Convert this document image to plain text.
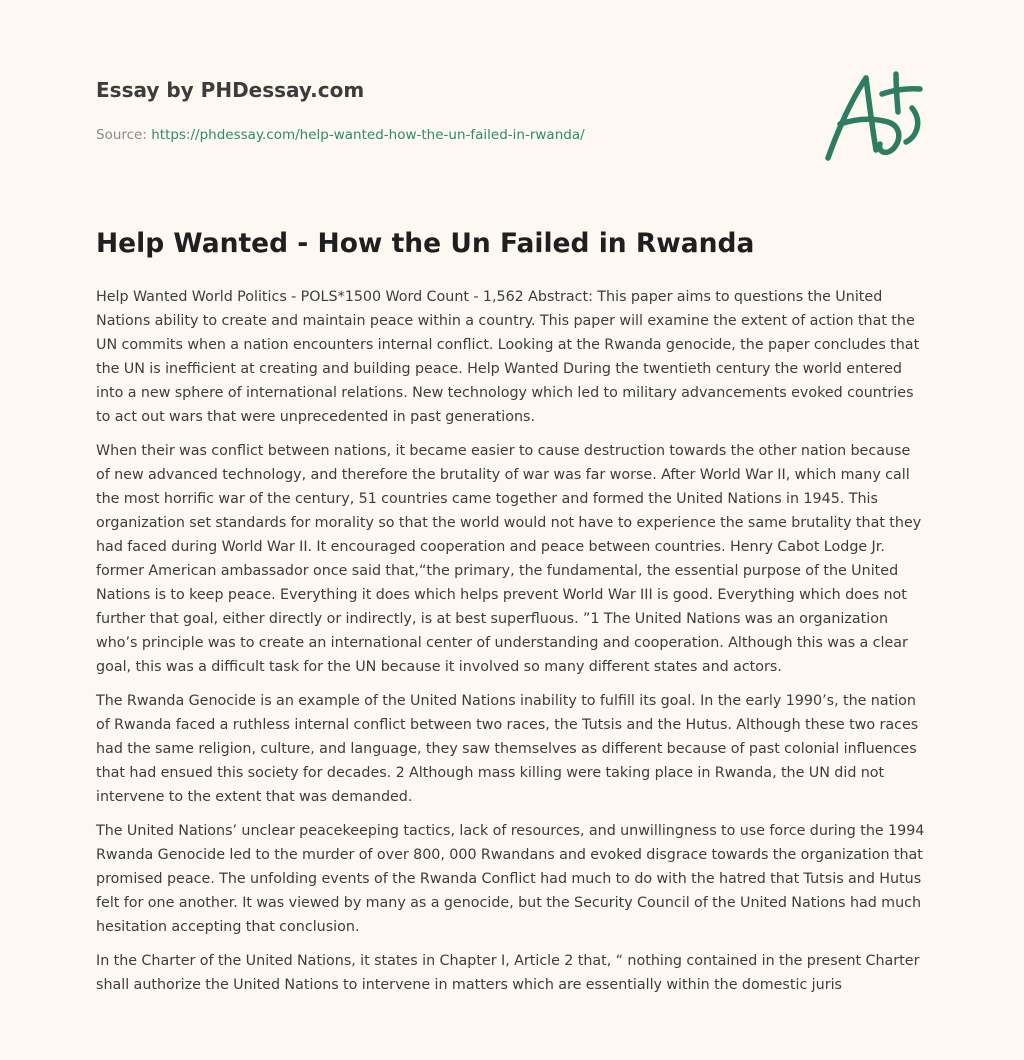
Essay by PHDessay.com
Source: https://phdessay.com/help-wanted-how-the-un-failed-in-rwanda/
Help Wanted - How the Un Failed in Rwanda

Help Wanted World Politics - POLS*1500 Word Count - 1,562 Abstract: This paper aims to questions the United Nations ability to create and maintain peace within a country. This paper will examine the extent of action that the UN commits when a nation encounters internal conflict. Looking at the Rwanda genocide, the paper concludes that the UN is inefficient at creating and building peace. Help Wanted During the twentieth century the world entered into a new sphere of international relations. New technology which led to military advancements evoked countries to act out wars that were unprecedented in past generations.

When their was conflict between nations, it became easier to cause destruction towards the other nation because of new advanced technology, and therefore the brutality of war was far worse. After World War II, which many call the most horrific war of the century, 51 countries came together and formed the United Nations in 1945. This organization set standards for morality so that the world would not have to experience the same brutality that they had faced during World War II. It encouraged cooperation and peace between countries. Henry Cabot Lodge Jr. former American ambassador once said that,“the primary, the fundamental, the essential purpose of the United Nations is to keep peace. Everything it does which helps prevent World War III is good. Everything which does not further that goal, either directly or indirectly, is at best superfluous. ”1 The United Nations was an organization who’s principle was to create an international center of understanding and cooperation. Although this was a clear goal, this was a difficult task for the UN because it involved so many different states and actors.

The Rwanda Genocide is an example of the United Nations inability to fulfill its goal. In the early 1990’s, the nation of Rwanda faced a ruthless internal conflict between two races, the Tutsis and the Hutus. Although these two races had the same religion, culture, and language, they saw themselves as different because of past colonial influences that had ensued this society for decades. 2 Although mass killing were taking place in Rwanda, the UN did not intervene to the extent that was demanded.

The United Nations’ unclear peacekeeping tactics, lack of resources, and unwillingness to use force during the 1994 Rwanda Genocide led to the murder of over 800, 000 Rwandans and evoked disgrace towards the organization that promised peace. The unfolding events of the Rwanda Conflict had much to do with the hatred that Tutsis and Hutus felt for one another. It was viewed by many as a genocide, but the Security Council of the United Nations had much hesitation accepting that conclusion.

In the Charter of the United Nations, it states in Chapter I, Article 2 that, “ nothing contained in the present Charter shall authorize the United Nations to intervene in matters which are essentially within the domestic juris
